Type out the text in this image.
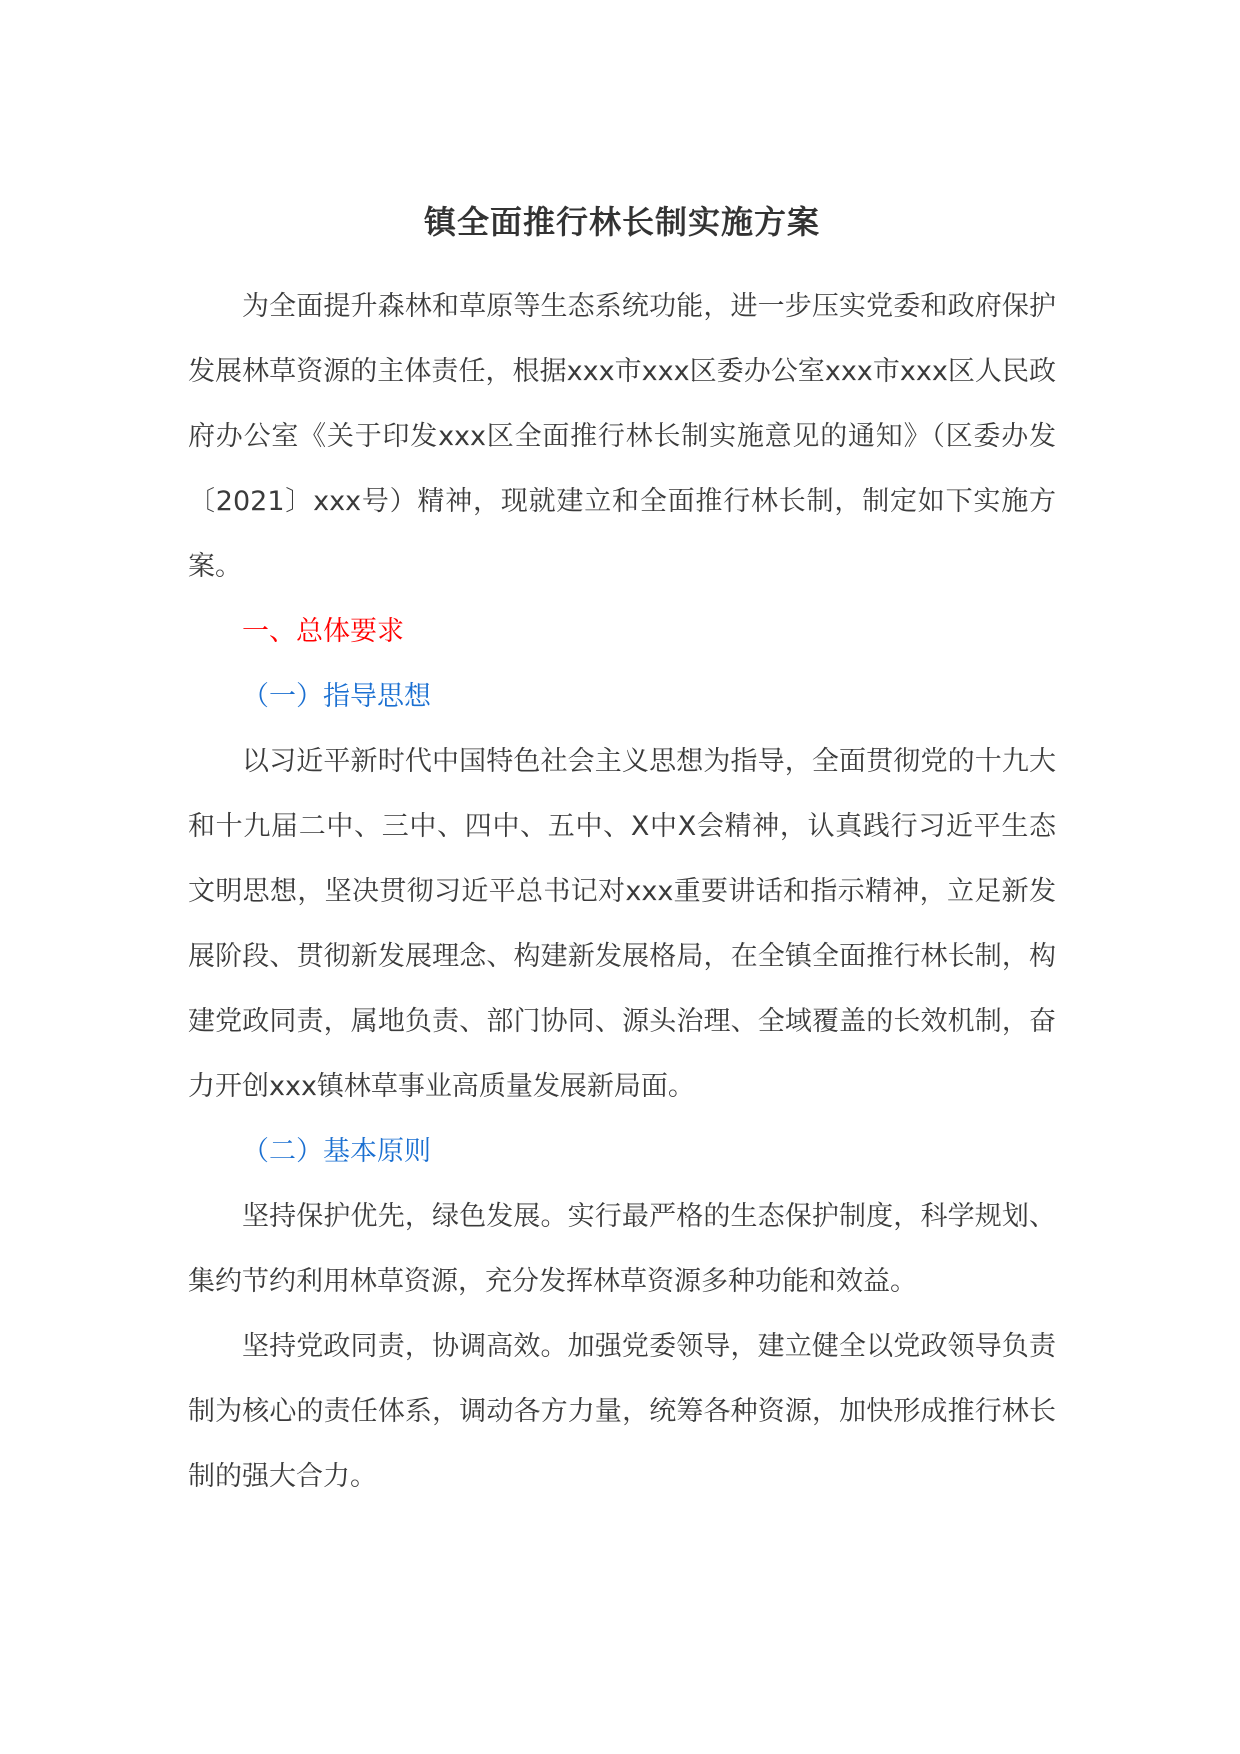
镇全面推行林长制实施方案

为全面提升森林和草原等生态系统功能，进一步压实党委和政府保护发展林草资源的主体责任，根据xxx市xxx区委办公室xxx市xxx区人民政府办公室《关于印发xxx区全面推行林长制实施意见的通知》（区委办发〔2021〕xxx号）精神，现就建立和全面推行林长制，制定如下实施方案。

一、总体要求

（一）指导思想

以习近平新时代中国特色社会主义思想为指导，全面贯彻党的十九大和十九届二中、三中、四中、五中、X中X会精神，认真践行习近平生态文明思想，坚决贯彻习近平总书记对xxx重要讲话和指示精神，立足新发展阶段、贯彻新发展理念、构建新发展格局，在全镇全面推行林长制，构建党政同责，属地负责、部门协同、源头治理、全域覆盖的长效机制，奋力开创xxx镇林草事业高质量发展新局面。

（二）基本原则

坚持保护优先，绿色发展。实行最严格的生态保护制度，科学规划、集约节约利用林草资源，充分发挥林草资源多种功能和效益。

坚持党政同责，协调高效。加强党委领导，建立健全以党政领导负责制为核心的责任体系，调动各方力量，统筹各种资源，加快形成推行林长制的强大合力。
